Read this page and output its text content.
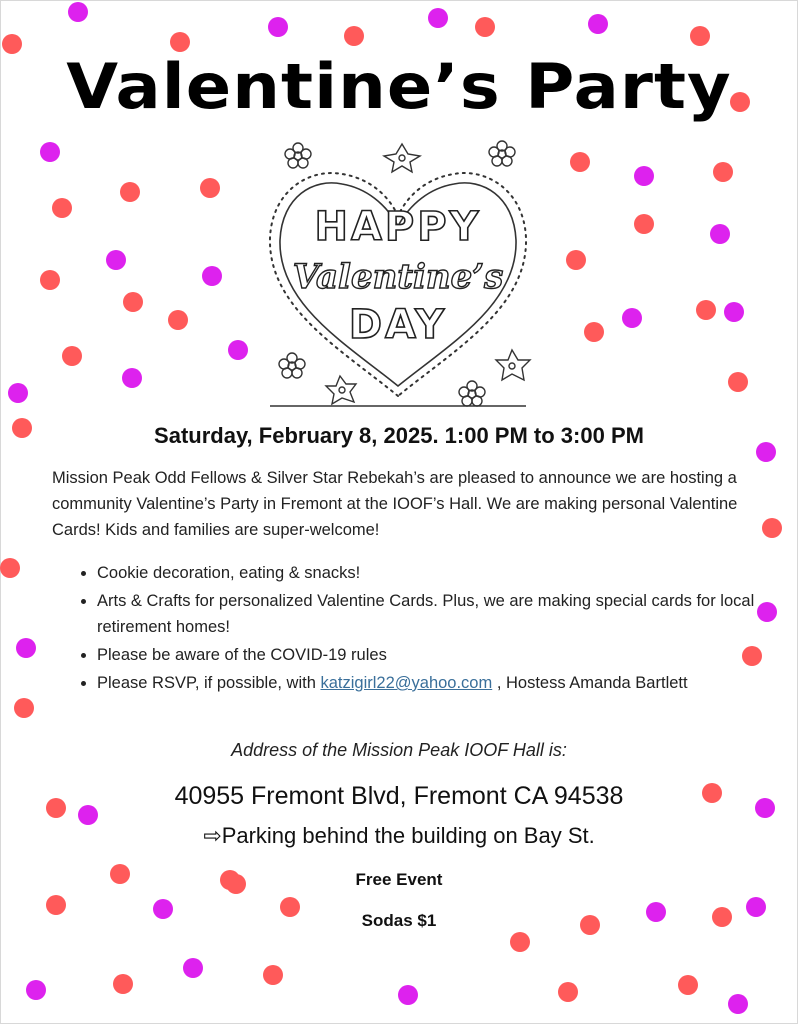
Valentine’s Party
HAPPY
Valentine’s
DAY
Saturday, February 8, 2025. 1:00 PM to 3:00 PM
Mission Peak Odd Fellows & Silver Star Rebekah’s are pleased to announce we are hosting a community Valentine’s Party in Fremont at the IOOF’s Hall. We are making personal Valentine Cards! Kids and families are super-welcome!
• Cookie decoration, eating & snacks!
• Arts & Crafts for personalized Valentine Cards. Plus, we are making special cards for local retirement homes!
• Please be aware of the COVID-19 rules
• Please RSVP, if possible, with katzigirl22@yahoo.com , Hostess Amanda Bartlett
Address of the Mission Peak IOOF Hall is:
40955 Fremont Blvd, Fremont CA 94538
⇨Parking behind the building on Bay St.
Free Event
Sodas $1
